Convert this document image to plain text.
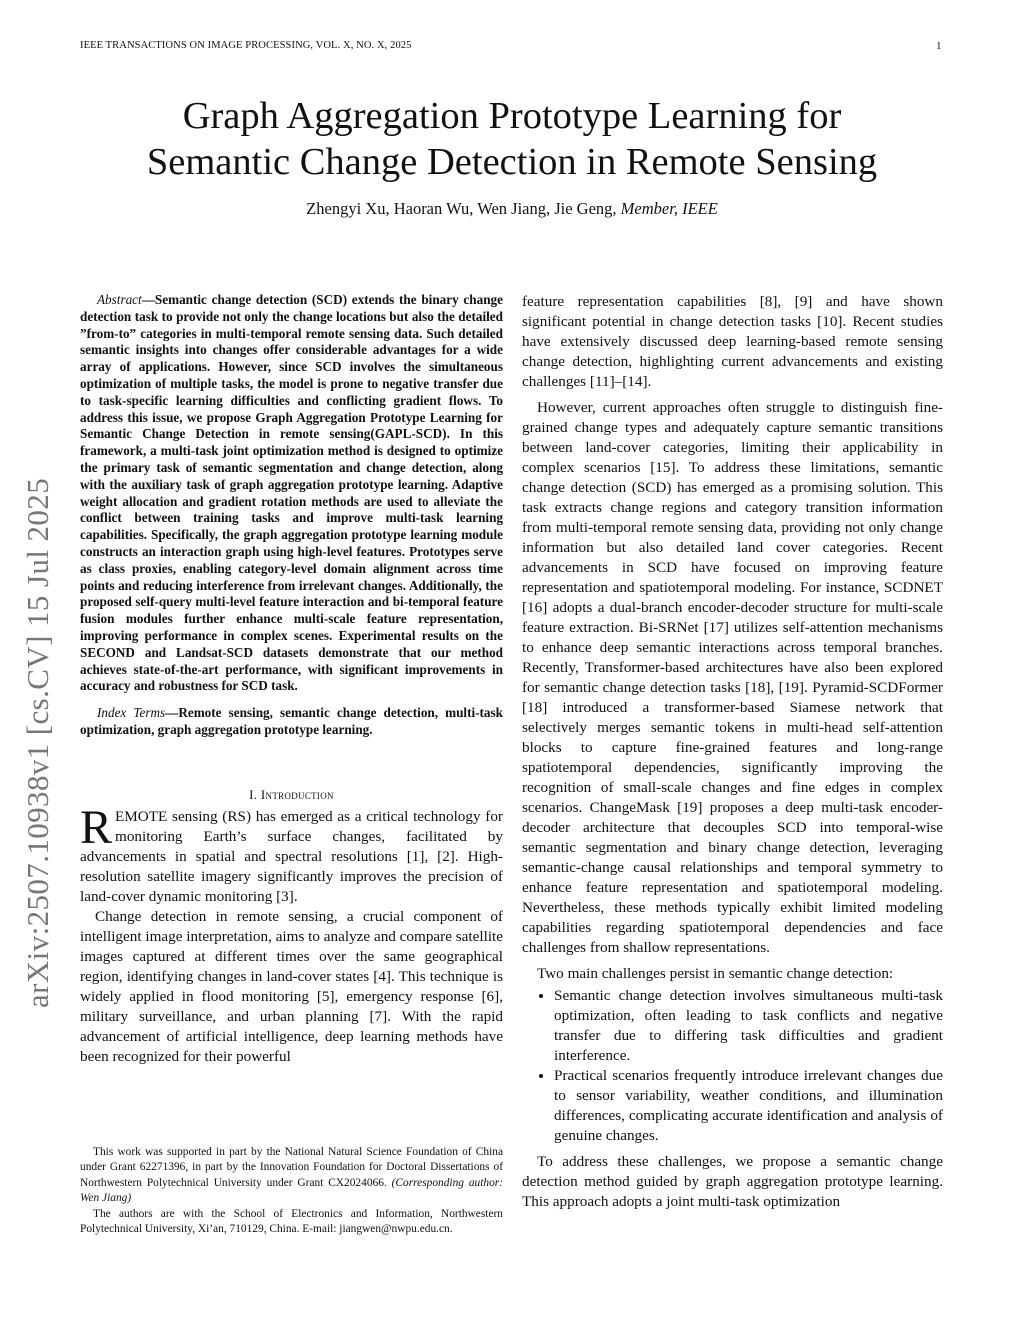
IEEE TRANSACTIONS ON IMAGE PROCESSING, VOL. X, NO. X, 2025	1
Graph Aggregation Prototype Learning for
Semantic Change Detection in Remote Sensing
Zhengyi Xu, Haoran Wu, Wen Jiang, Jie Geng, Member, IEEE
arXiv:2507.10938v1 [cs.CV] 15 Jul 2025

Abstract—Semantic change detection (SCD) extends the binary change detection task to provide not only the change locations but also the detailed ”from-to” categories in multi-temporal remote sensing data. Such detailed semantic insights into changes offer considerable advantages for a wide array of applications. However, since SCD involves the simultaneous optimization of multiple tasks, the model is prone to negative transfer due to task-specific learning difficulties and conflicting gradient flows. To address this issue, we propose Graph Aggregation Prototype Learning for Semantic Change Detection in remote sensing(GAPL-SCD). In this framework, a multi-task joint optimization method is designed to optimize the primary task of semantic segmentation and change detection, along with the auxiliary task of graph aggregation prototype learning. Adaptive weight allocation and gradient rotation methods are used to alleviate the conflict between training tasks and improve multi-task learning capabilities. Specifically, the graph aggregation prototype learning module constructs an interaction graph using high-level features. Prototypes serve as class proxies, enabling category-level domain alignment across time points and reducing interference from irrelevant changes. Additionally, the proposed self-query multi-level feature interaction and bi-temporal feature fusion modules further enhance multi-scale feature representation, improving performance in complex scenes. Experimental results on the SECOND and Landsat-SCD datasets demonstrate that our method achieves state-of-the-art performance, with significant improvements in accuracy and robustness for SCD task.

Index Terms—Remote sensing, semantic change detection, multi-task optimization, graph aggregation prototype learning.

I. Introduction

REMOTE sensing (RS) has emerged as a critical technology for monitoring Earth’s surface changes, facilitated by advancements in spatial and spectral resolutions [1], [2]. High-resolution satellite imagery significantly improves the precision of land-cover dynamic monitoring [3].

Change detection in remote sensing, a crucial component of intelligent image interpretation, aims to analyze and compare satellite images captured at different times over the same geographical region, identifying changes in land-cover states [4]. This technique is widely applied in flood monitoring [5], emergency response [6], military surveillance, and urban planning [7]. With the rapid advancement of artificial intelligence, deep learning methods have been recognized for their powerful

This work was supported in part by the National Natural Science Foundation of China under Grant 62271396, in part by the Innovation Foundation for Doctoral Dissertations of Northwestern Polytechnical University under Grant CX2024066. (Corresponding author: Wen Jiang)

The authors are with the School of Electronics and Information, Northwestern Polytechnical University, Xi’an, 710129, China. E-mail: jiangwen@nwpu.edu.cn.

feature representation capabilities [8], [9] and have shown significant potential in change detection tasks [10]. Recent studies have extensively discussed deep learning-based remote sensing change detection, highlighting current advancements and existing challenges [11]–[14].

However, current approaches often struggle to distinguish fine-grained change types and adequately capture semantic transitions between land-cover categories, limiting their applicability in complex scenarios [15]. To address these limitations, semantic change detection (SCD) has emerged as a promising solution. This task extracts change regions and category transition information from multi-temporal remote sensing data, providing not only change information but also detailed land cover categories. Recent advancements in SCD have focused on improving feature representation and spatiotemporal modeling. For instance, SCDNET [16] adopts a dual-branch encoder-decoder structure for multi-scale feature extraction. Bi-SRNet [17] utilizes self-attention mechanisms to enhance deep semantic interactions across temporal branches. Recently, Transformer-based architectures have also been explored for semantic change detection tasks [18], [19]. Pyramid-SCDFormer [18] introduced a transformer-based Siamese network that selectively merges semantic tokens in multi-head self-attention blocks to capture fine-grained features and long-range spatiotemporal dependencies, significantly improving the recognition of small-scale changes and fine edges in complex scenarios. ChangeMask [19] proposes a deep multi-task encoder-decoder architecture that decouples SCD into temporal-wise semantic segmentation and binary change detection, leveraging semantic-change causal relationships and temporal symmetry to enhance feature representation and spatiotemporal modeling. Nevertheless, these methods typically exhibit limited modeling capabilities regarding spatiotemporal dependencies and face challenges from shallow representations.

Two main challenges persist in semantic change detection:

• Semantic change detection involves simultaneous multi-task optimization, often leading to task conflicts and negative transfer due to differing task difficulties and gradient interference.
• Practical scenarios frequently introduce irrelevant changes due to sensor variability, weather conditions, and illumination differences, complicating accurate identification and analysis of genuine changes.

To address these challenges, we propose a semantic change detection method guided by graph aggregation prototype learning. This approach adopts a joint multi-task optimization
